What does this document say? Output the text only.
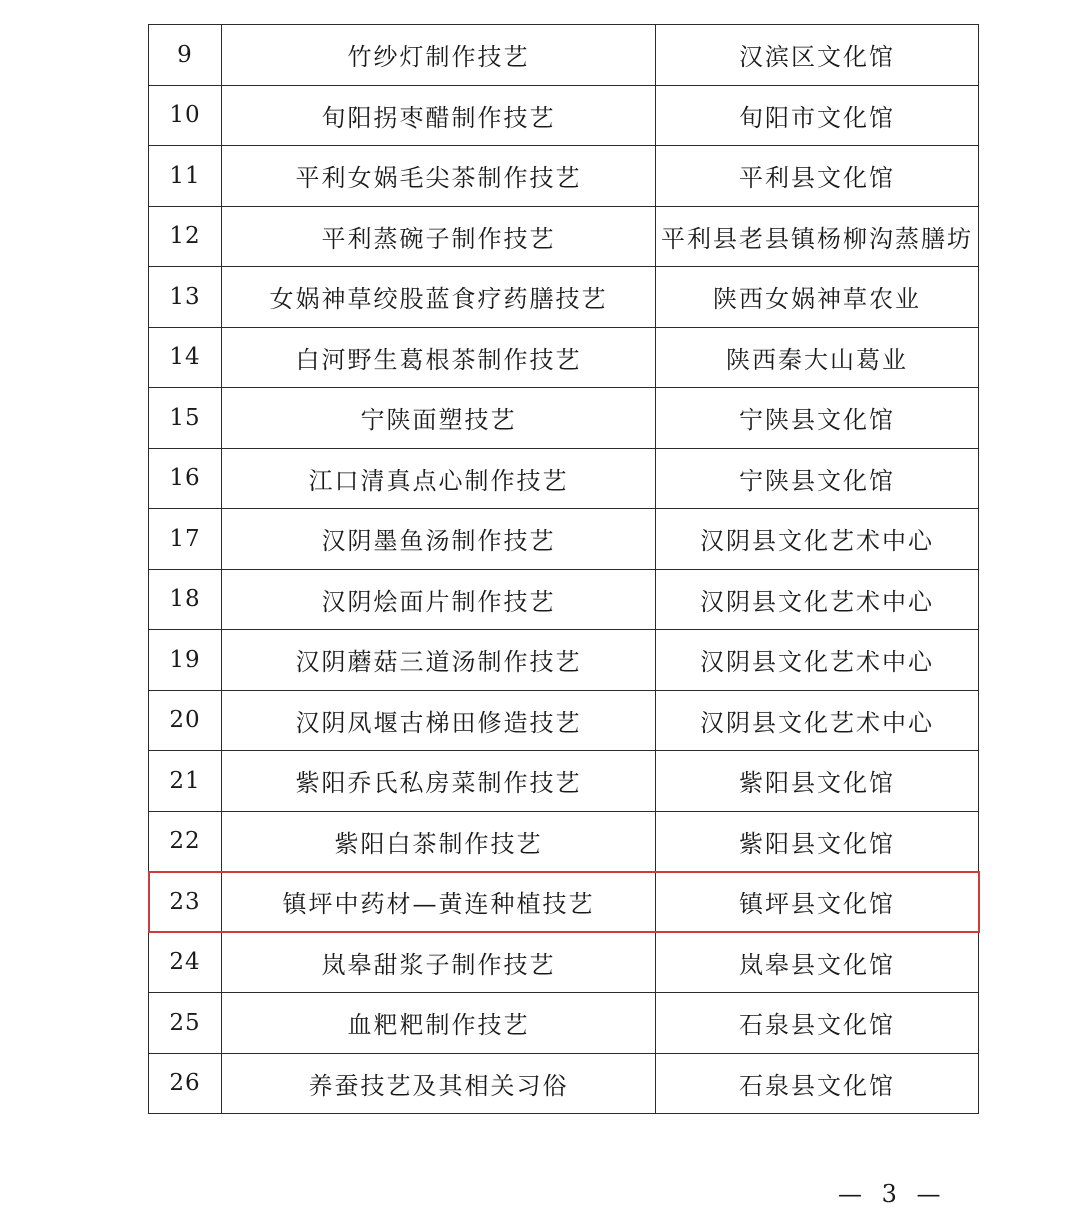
9	竹纱灯制作技艺	汉滨区文化馆
10	旬阳拐枣醋制作技艺	旬阳市文化馆
11	平利女娲毛尖茶制作技艺	平利县文化馆
12	平利蒸碗子制作技艺	平利县老县镇杨柳沟蒸膳坊
13	女娲神草绞股蓝食疗药膳技艺	陕西女娲神草农业
14	白河野生葛根茶制作技艺	陕西秦大山葛业
15	宁陕面塑技艺	宁陕县文化馆
16	江口清真点心制作技艺	宁陕县文化馆
17	汉阴墨鱼汤制作技艺	汉阴县文化艺术中心
18	汉阴烩面片制作技艺	汉阴县文化艺术中心
19	汉阴蘑菇三道汤制作技艺	汉阴县文化艺术中心
20	汉阴凤堰古梯田修造技艺	汉阴县文化艺术中心
21	紫阳乔氏私房菜制作技艺	紫阳县文化馆
22	紫阳白茶制作技艺	紫阳县文化馆
23	镇坪中药材—黄连种植技艺	镇坪县文化馆
24	岚皋甜浆子制作技艺	岚皋县文化馆
25	血粑粑制作技艺	石泉县文化馆
26	养蚕技艺及其相关习俗	石泉县文化馆
— 3 —
